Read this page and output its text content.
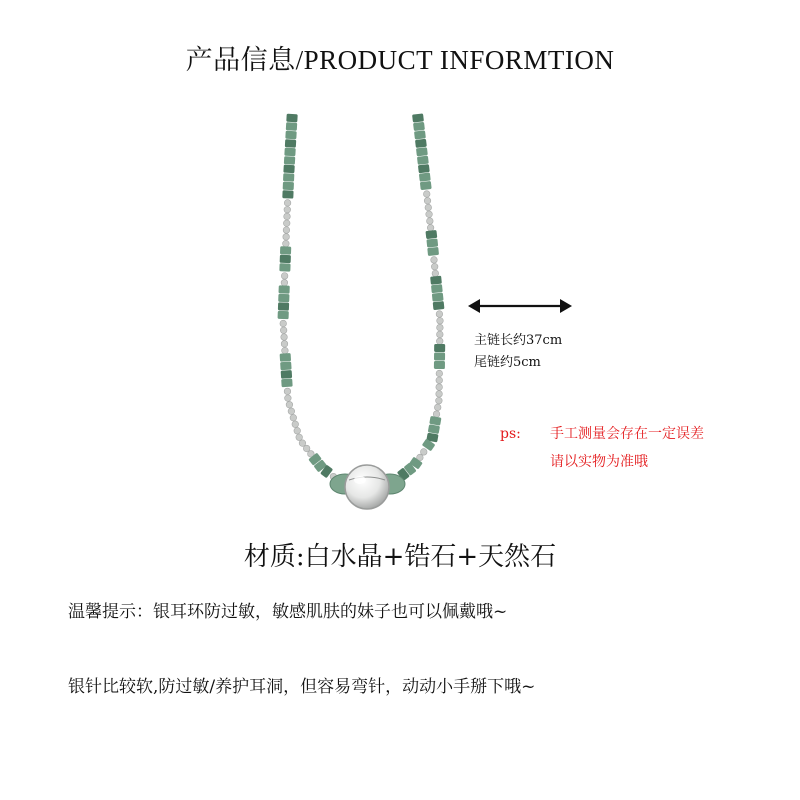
产品信息/PRODUCT INFORMTION
主链长约37cm
尾链约5cm
ps: 手工测量会存在一定误差
请以实物为准哦
材质:白水晶+锆石+天然石
温馨提示：银耳环防过敏，敏感肌肤的妹子也可以佩戴哦~
银针比较软,防过敏/养护耳洞，但容易弯针，动动小手掰下哦~
